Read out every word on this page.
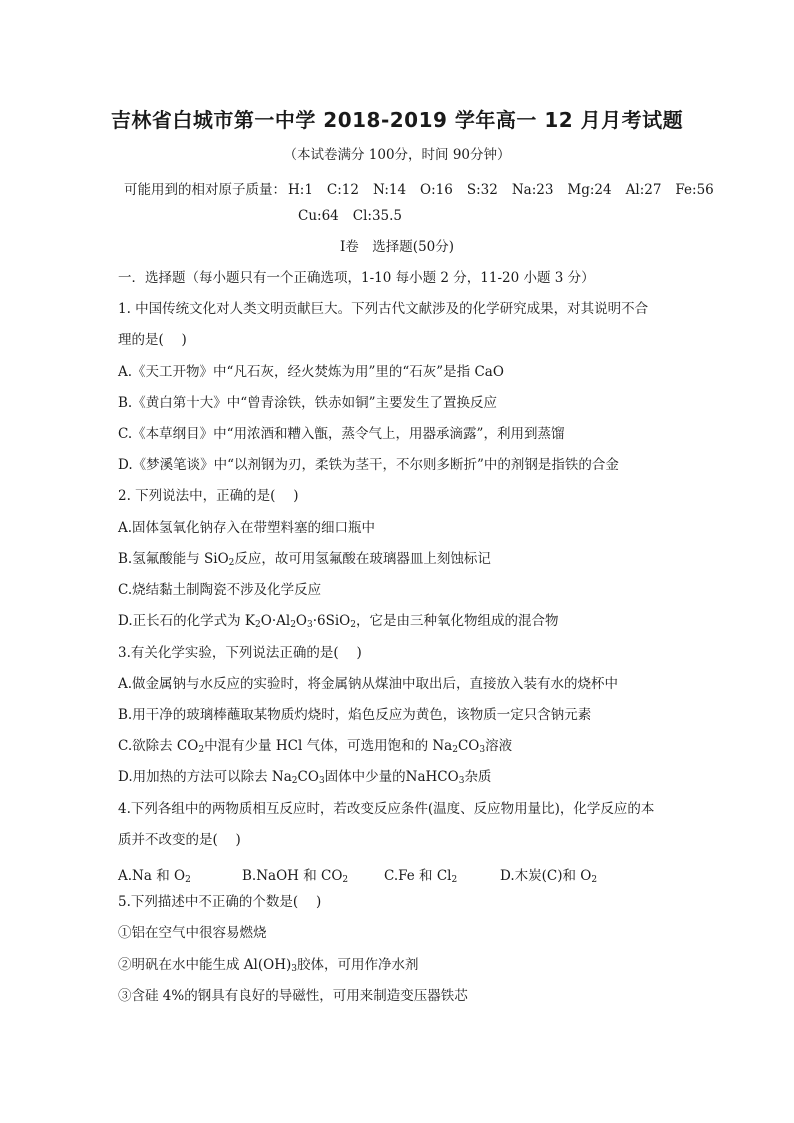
吉林省白城市第一中学 2018-2019 学年高一 12 月月考试题
（本试卷满分 100分，时间 90分钟）
可能用到的相对原子质量： H:1 C:12 N:14 O:16 S:32 Na:23 Mg:24 Al:27 Fe:56
Cu:64 Cl:35.5
Ⅰ卷　选择题(50分)
一．选择题（每小题只有一个正确选项，1-10 每小题 2 分，11-20 小题 3 分）
1. 中国传统文化对人类文明贡献巨大。下列古代文献涉及的化学研究成果，对其说明不合
理的是(　 )
A.《天工开物》中“凡石灰，经火焚炼为用”里的“石灰”是指 CaO
B.《黄白第十大》中“曾青涂铁，铁赤如铜”主要发生了置换反应
C.《本草纲目》中“用浓酒和糟入甑，蒸令气上，用器承滴露”，利用到蒸馏
D.《梦溪笔谈》中“以剂钢为刃，柔铁为茎干，不尔则多断折”中的剂钢是指铁的合金
2. 下列说法中，正确的是(　 )
A.固体氢氧化钠存入在带塑料塞的细口瓶中
B.氢氟酸能与 SiO$_2$反应，故可用氢氟酸在玻璃器皿上刻蚀标记
C.烧结黏土制陶瓷不涉及化学反应
D.正长石的化学式为 $K_2O\cdot Al_2O_3\cdot 6SiO_2$，它是由三种氧化物组成的混合物
3.有关化学实验，下列说法正确的是(　 )
A.做金属钠与水反应的实验时，将金属钠从煤油中取出后，直接放入装有水的烧杯中
B.用干净的玻璃棒蘸取某物质灼烧时，焰色反应为黄色，该物质一定只含钠元素
C.欲除去 $CO_2$中混有少量 HCl 气体，可选用饱和的 $Na_2CO_3$溶液
D.用加热的方法可以除去 $Na_2CO_3$固体中少量的NaHCO$_3$杂质
4.下列各组中的两物质相互反应时，若改变反应条件(温度、反应物用量比)，化学反应的本
质并不改变的是(　 )
A.Na 和 $O_2$	B.NaOH 和 $CO_2$	C.Fe 和 $Cl_2$	D.木炭(C)和 $O_2$
5.下列描述中不正确的个数是(　 )
①铝在空气中很容易燃烧
②明矾在水中能生成 $Al(OH)_3$胶体，可用作净水剂
③含硅 4%的钢具有良好的导磁性，可用来制造变压器铁芯
